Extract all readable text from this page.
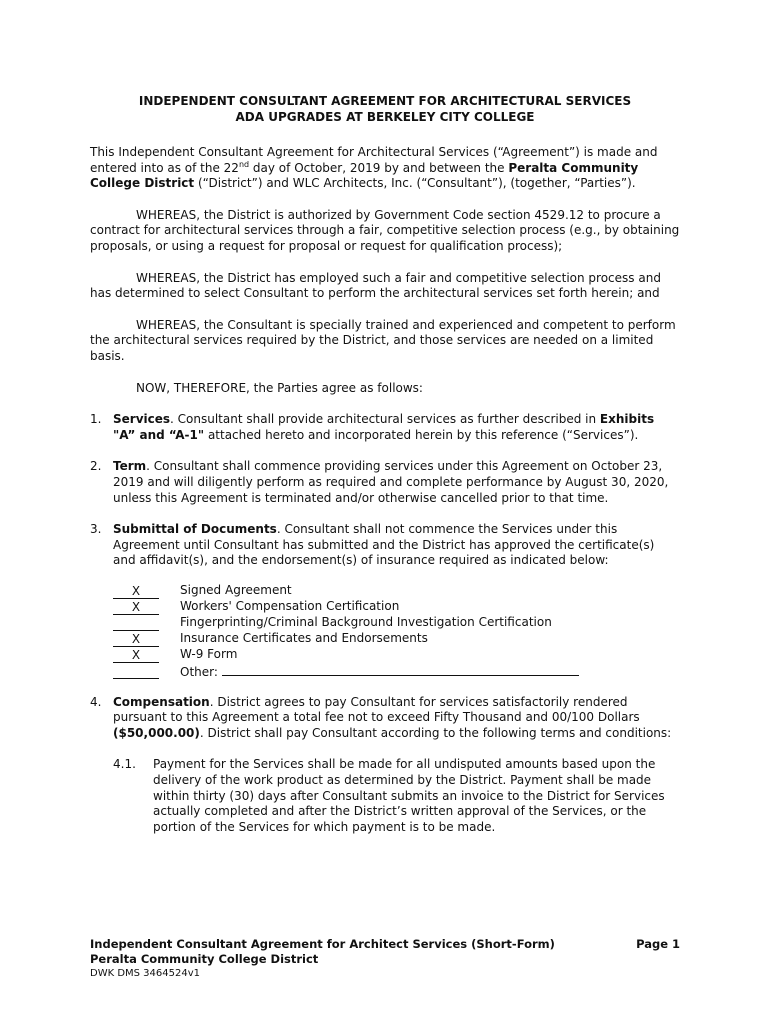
INDEPENDENT CONSULTANT AGREEMENT FOR ARCHITECTURAL SERVICES
ADA UPGRADES AT BERKELEY CITY COLLEGE

This Independent Consultant Agreement for Architectural Services (“Agreement”) is made and entered into as of the 22nd day of October, 2019 by and between the Peralta Community College District (“District”) and WLC Architects, Inc. (“Consultant”), (together, “Parties”).

WHEREAS, the District is authorized by Government Code section 4529.12 to procure a contract for architectural services through a fair, competitive selection process (e.g., by obtaining proposals, or using a request for proposal or request for qualification process);

WHEREAS, the District has employed such a fair and competitive selection process and has determined to select Consultant to perform the architectural services set forth herein; and

WHEREAS, the Consultant is specially trained and experienced and competent to perform the architectural services required by the District, and those services are needed on a limited basis.

NOW, THEREFORE, the Parties agree as follows:

1. Services. Consultant shall provide architectural services as further described in Exhibits "A” and “A-1" attached hereto and incorporated herein by this reference (“Services”).

2. Term. Consultant shall commence providing services under this Agreement on October 23, 2019 and will diligently perform as required and complete performance by August 30, 2020, unless this Agreement is terminated and/or otherwise cancelled prior to that time.

3. Submittal of Documents. Consultant shall not commence the Services under this Agreement until Consultant has submitted and the District has approved the certificate(s) and affidavit(s), and the endorsement(s) of insurance required as indicated below:

X	Signed Agreement
X	Workers' Compensation Certification
Fingerprinting/Criminal Background Investigation Certification
X	Insurance Certificates and Endorsements
X	W-9 Form
Other:
4. Compensation. District agrees to pay Consultant for services satisfactorily rendered pursuant to this Agreement a total fee not to exceed Fifty Thousand and 00/100 Dollars ($50,000.00). District shall pay Consultant according to the following terms and conditions:

4.1.	Payment for the Services shall be made for all undisputed amounts based upon the delivery of the work product as determined by the District. Payment shall be made within thirty (30) days after Consultant submits an invoice to the District for Services actually completed and after the District’s written approval of the Services, or the portion of the Services for which payment is to be made.

Independent Consultant Agreement for Architect Services (Short-Form)	Page 1
Peralta Community College District
DWK DMS 3464524v1
